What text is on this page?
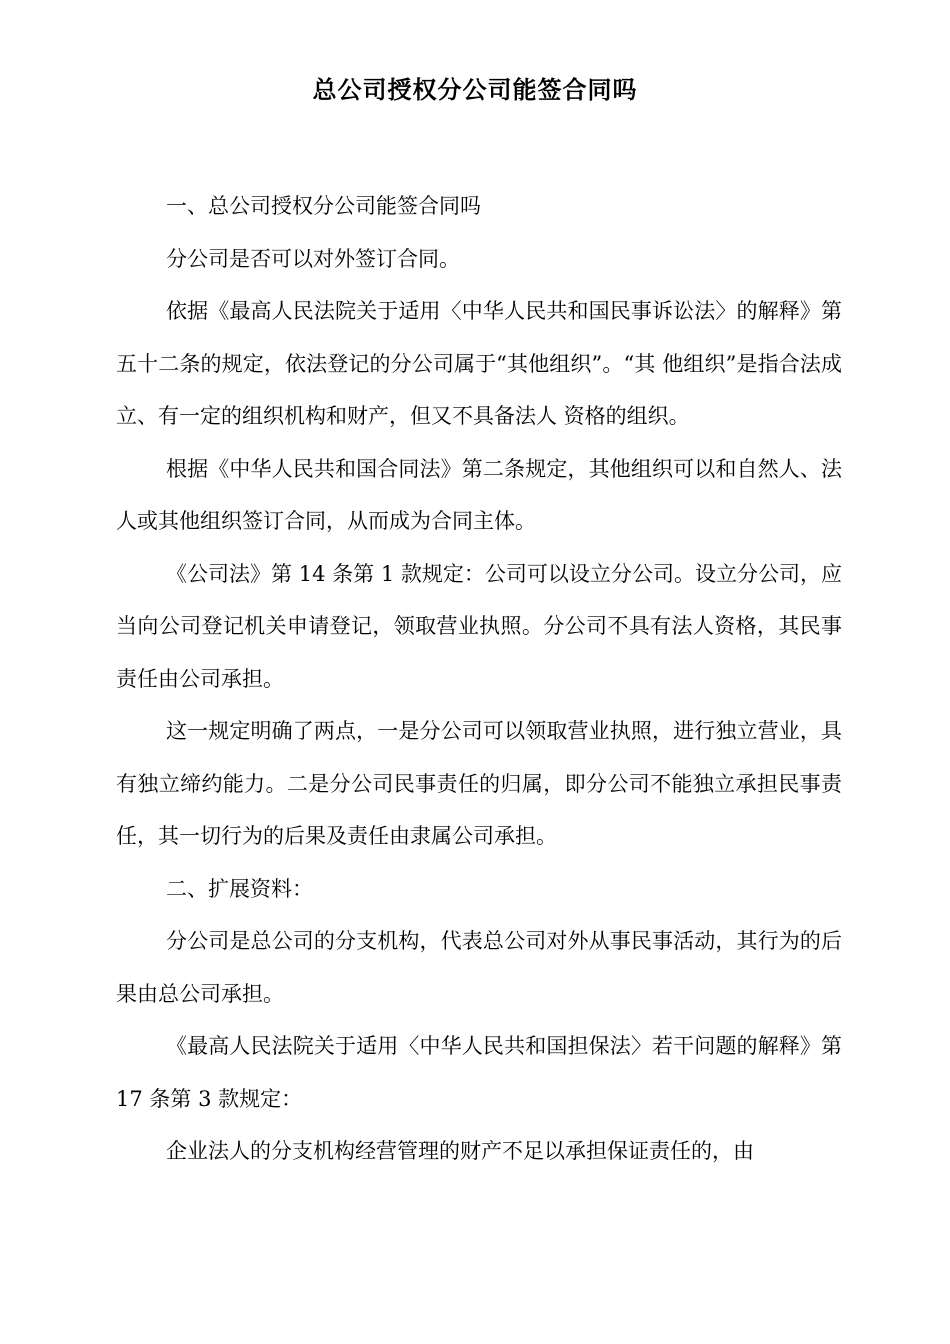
总公司授权分公司能签合同吗

一、总公司授权分公司能签合同吗

分公司是否可以对外签订合同。

依据《最高人民法院关于适用〈中华人民共和国民事诉讼法〉的解释》第五十二条的规定，依法登记的分公司属于“其他组织”。“其 他组织”是指合法成立、有一定的组织机构和财产，但又不具备法人 资格的组织。

根据《中华人民共和国合同法》第二条规定，其他组织可以和自然人、法人或其他组织签订合同，从而成为合同主体。

《公司法》第 14 条第 1 款规定：公司可以设立分公司。设立分公司，应当向公司登记机关申请登记，领取营业执照。分公司不具有法人资格，其民事责任由公司承担。

这一规定明确了两点，一是分公司可以领取营业执照，进行独立营业，具有独立缔约能力。二是分公司民事责任的归属，即分公司不能独立承担民事责任，其一切行为的后果及责任由隶属公司承担。

二、扩展资料：

分公司是总公司的分支机构，代表总公司对外从事民事活动，其行为的后果由总公司承担。

《最高人民法院关于适用〈中华人民共和国担保法〉若干问题的解释》第 17 条第 3 款规定：

企业法人的分支机构经营管理的财产不足以承担保证责任的，由
